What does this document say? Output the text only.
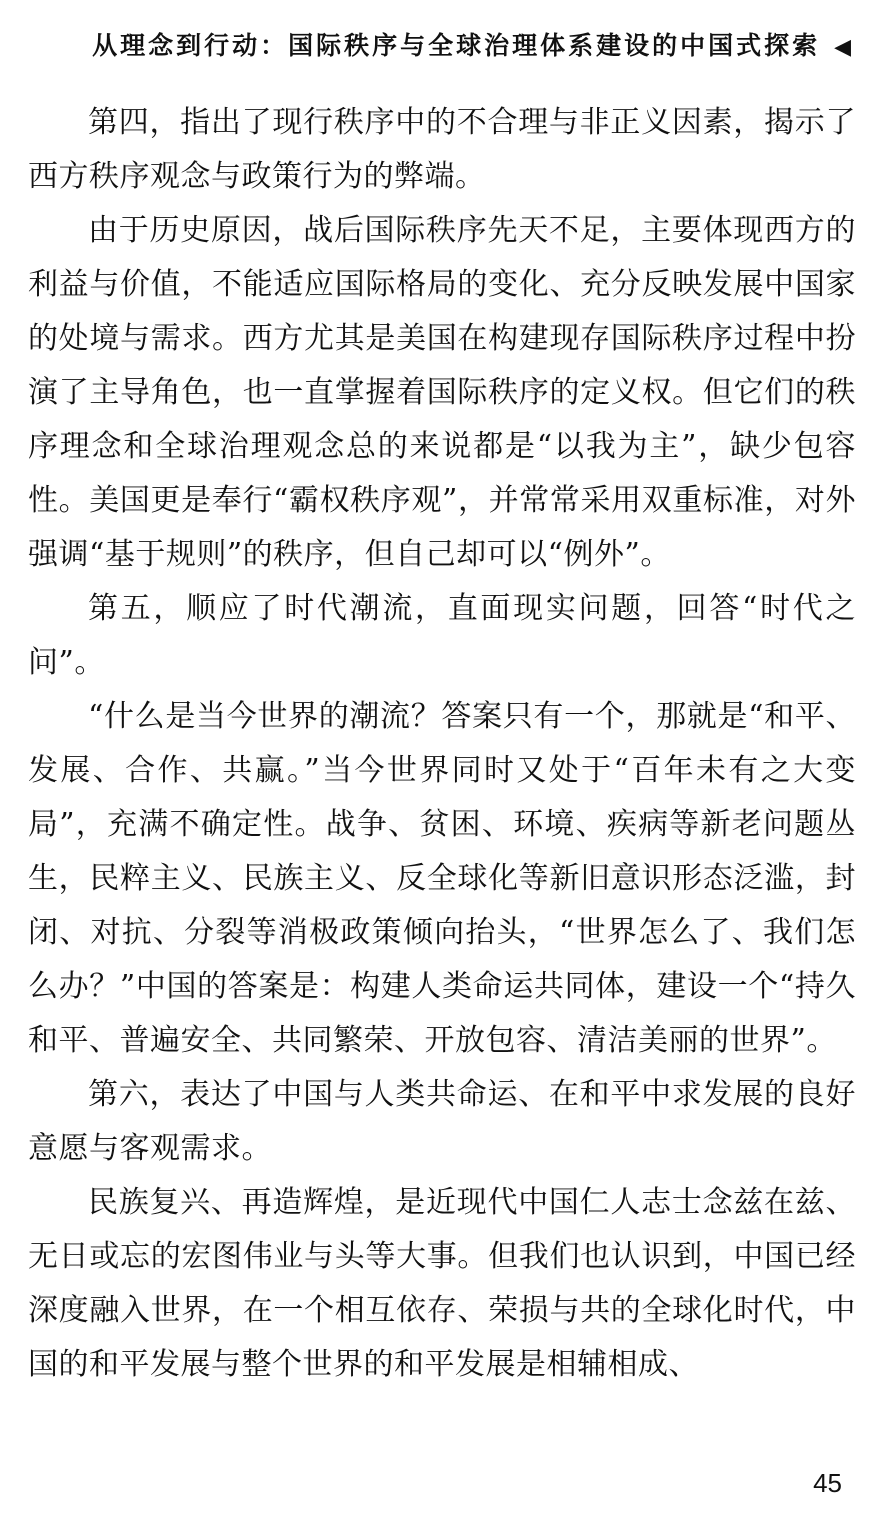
从理念到行动：国际秩序与全球治理体系建设的中国式探索 ◀

第四，指出了现行秩序中的不合理与非正义因素，揭示了西方秩序观念与政策行为的弊端。

由于历史原因，战后国际秩序先天不足，主要体现西方的利益与价值，不能适应国际格局的变化、充分反映发展中国家的处境与需求。西方尤其是美国在构建现存国际秩序过程中扮演了主导角色，也一直掌握着国际秩序的定义权。但它们的秩序理念和全球治理观念总的来说都是“以我为主”，缺少包容性。美国更是奉行“霸权秩序观”，并常常采用双重标准，对外强调“基于规则”的秩序，但自己却可以“例外”。

第五，顺应了时代潮流，直面现实问题，回答“时代之问”。

“什么是当今世界的潮流？答案只有一个，那就是“和平、发展、合作、共赢。”当今世界同时又处于“百年未有之大变局”，充满不确定性。战争、贫困、环境、疾病等新老问题丛生，民粹主义、民族主义、反全球化等新旧意识形态泛滥，封闭、对抗、分裂等消极政策倾向抬头，“世界怎么了、我们怎么办？”中国的答案是：构建人类命运共同体，建设一个“持久和平、普遍安全、共同繁荣、开放包容、清洁美丽的世界”。

第六，表达了中国与人类共命运、在和平中求发展的良好意愿与客观需求。

民族复兴、再造辉煌，是近现代中国仁人志士念兹在兹、无日或忘的宏图伟业与头等大事。但我们也认识到，中国已经深度融入世界，在一个相互依存、荣损与共的全球化时代，中国的和平发展与整个世界的和平发展是相辅相成、

45
